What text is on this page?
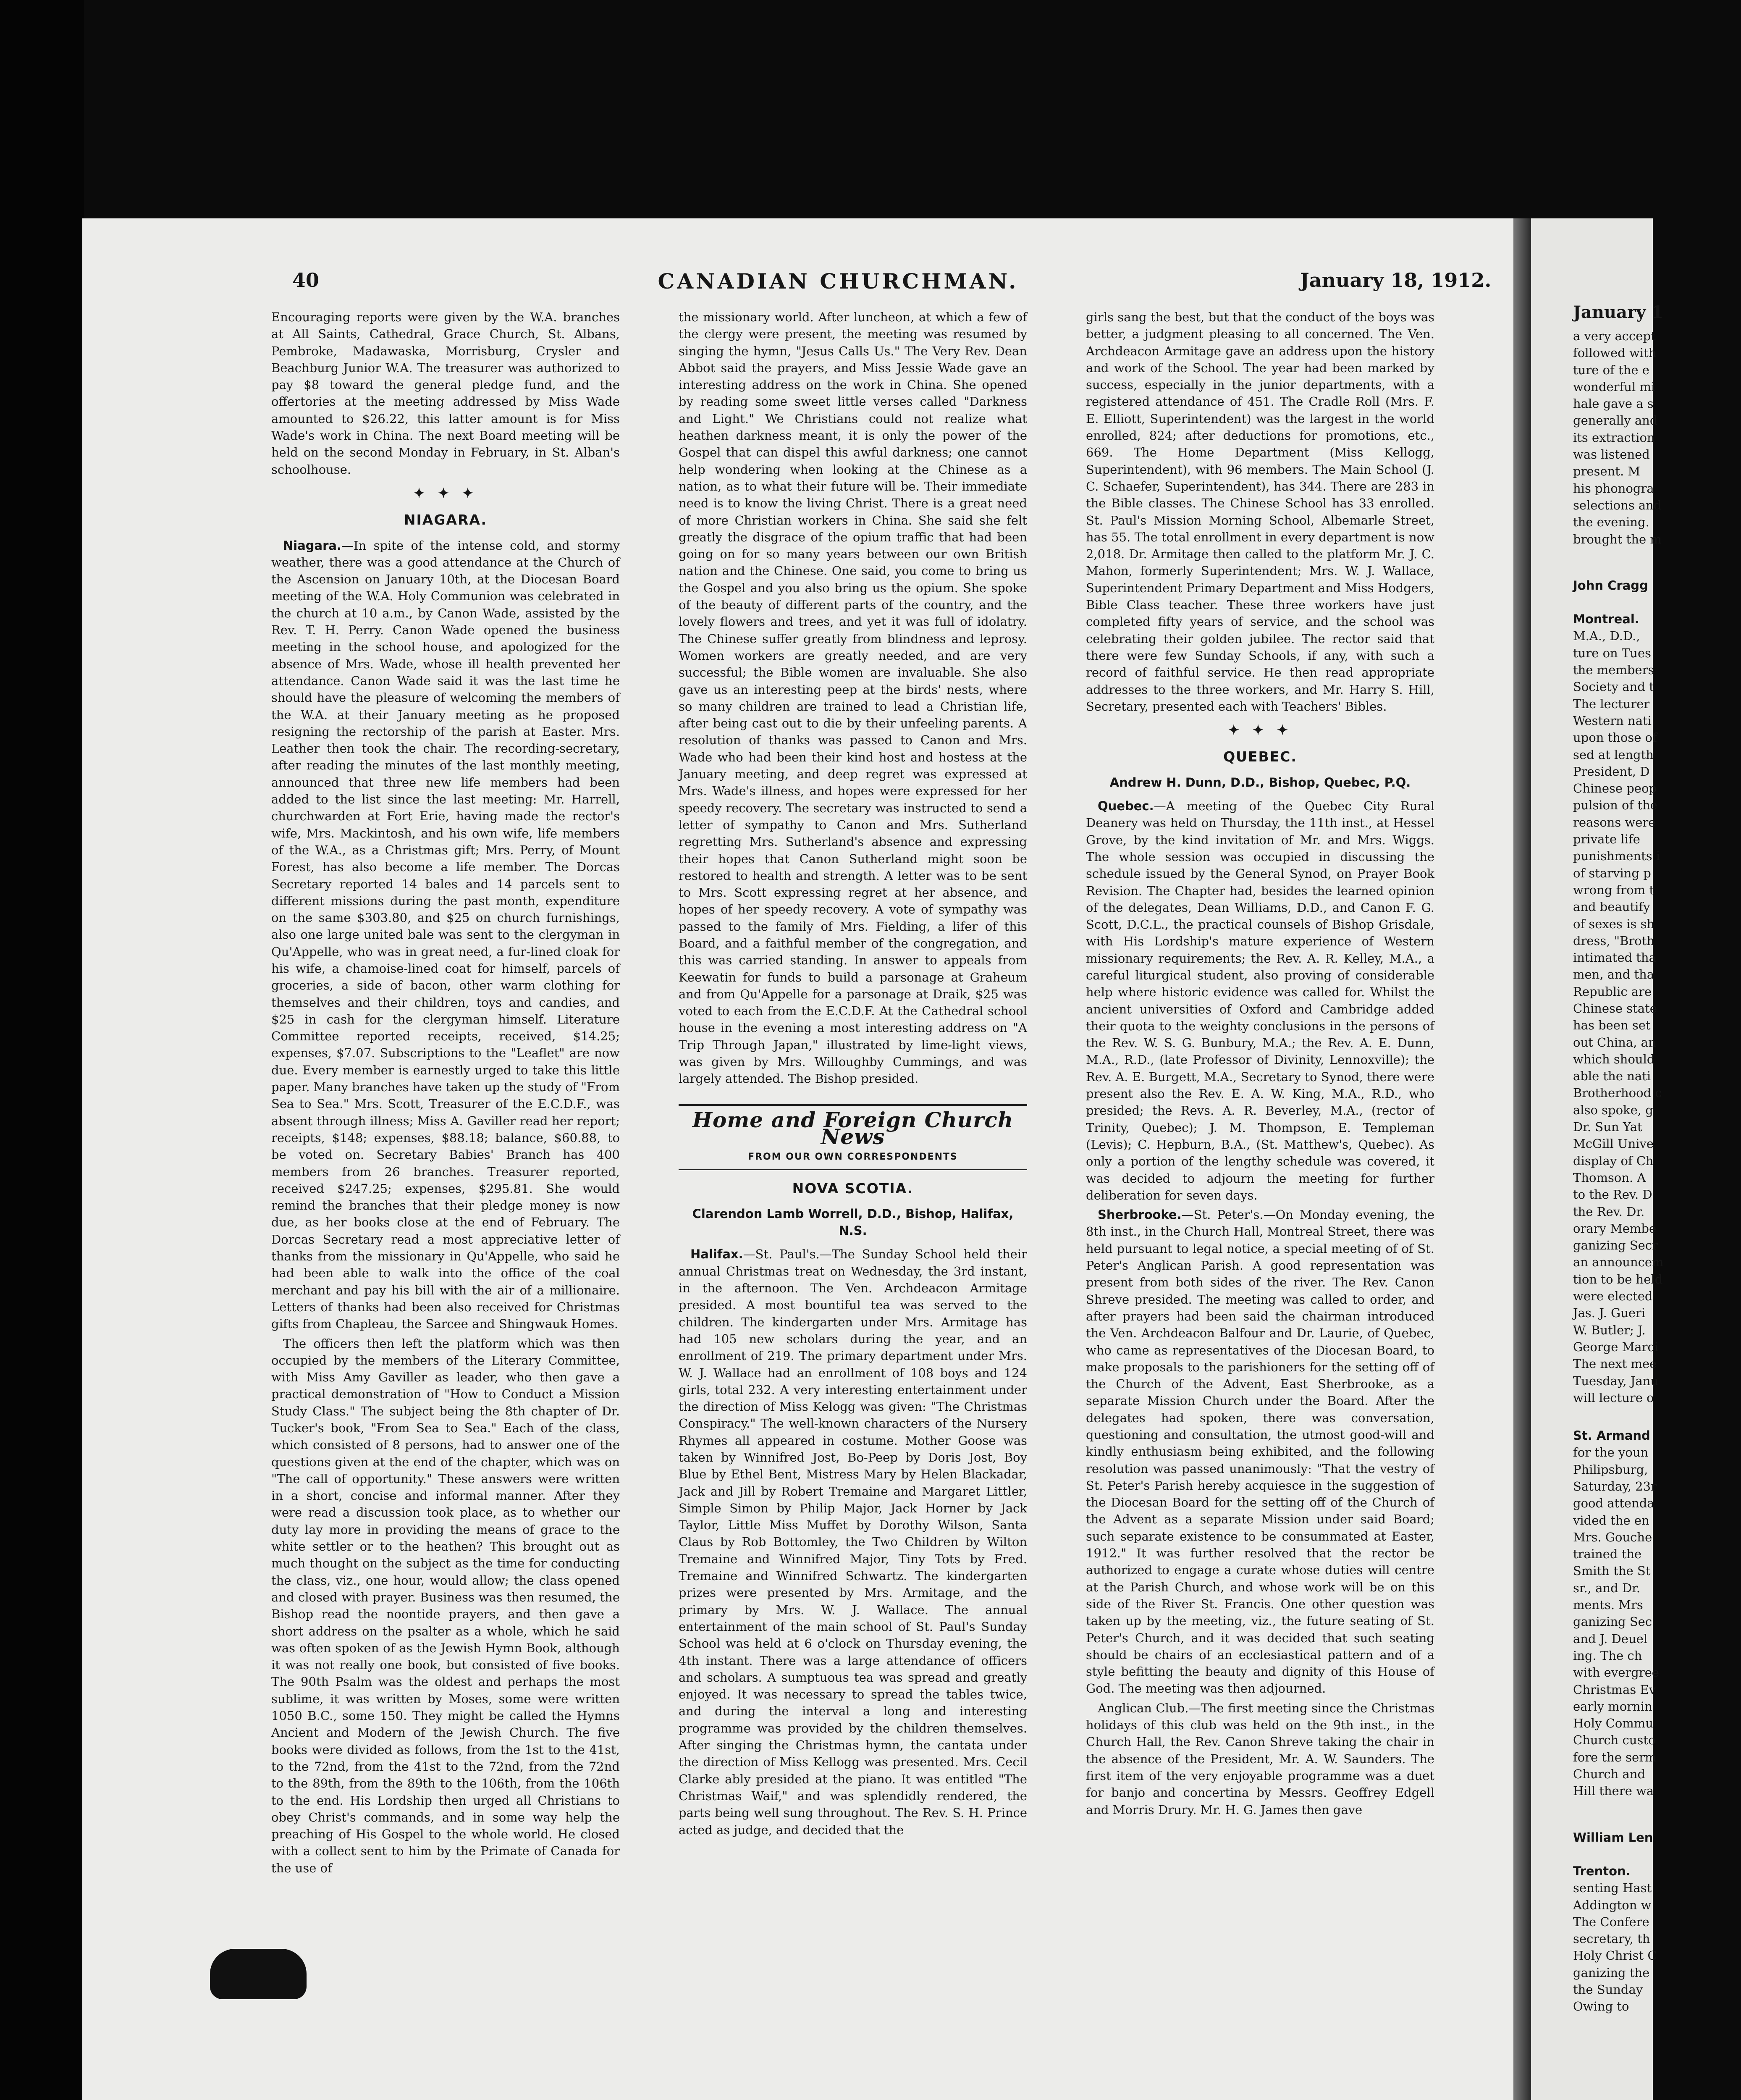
40	CANADIAN CHURCHMAN.	January 18, 1912.

Encouraging reports were given by the W.A. branches at All Saints, Cathedral, Grace Church, St. Albans, Pembroke, Madawaska, Morrisburg, Crysler and Beachburg Junior W.A. The treasurer was authorized to pay $8 toward the general pledge fund, and the offertories at the meeting addressed by Miss Wade amounted to $26.22, this latter amount is for Miss Wade's work in China. The next Board meeting will be held on the second Monday in February, in St. Alban's schoolhouse.

✦ ✦ ✦
NIAGARA.

Niagara.—In spite of the intense cold, and stormy weather, there was a good attendance at the Church of the Ascension on January 10th, at the Diocesan Board meeting of the W.A. Holy Communion was celebrated in the church at 10 a.m., by Canon Wade, assisted by the Rev. T. H. Perry. Canon Wade opened the business meeting in the school house, and apologized for the absence of Mrs. Wade, whose ill health prevented her attendance. Canon Wade said it was the last time he should have the pleasure of welcoming the members of the W.A. at their January meeting as he proposed resigning the rectorship of the parish at Easter. Mrs. Leather then took the chair. The recording-secretary, after reading the minutes of the last monthly meeting, announced that three new life members had been added to the list since the last meeting: Mr. Harrell, churchwarden at Fort Erie, having made the rector's wife, Mrs. Mackintosh, and his own wife, life members of the W.A., as a Christmas gift; Mrs. Perry, of Mount Forest, has also become a life member. The Dorcas Secretary reported 14 bales and 14 parcels sent to different missions during the past month, expenditure on the same $303.80, and $25 on church furnishings, also one large united bale was sent to the clergyman in Qu'Appelle, who was in great need, a fur-lined cloak for his wife, a chamoise-lined coat for himself, parcels of groceries, a side of bacon, other warm clothing for themselves and their children, toys and candies, and $25 in cash for the clergyman himself. Literature Committee reported receipts, received, $14.25; expenses, $7.07. Subscriptions to the "Leaflet" are now due. Every member is earnestly urged to take this little paper. Many branches have taken up the study of "From Sea to Sea." Mrs. Scott, Treasurer of the E.C.D.F., was absent through illness; Miss A. Gaviller read her report; receipts, $148; expenses, $88.18; balance, $60.88, to be voted on. Secretary Babies' Branch has 400 members from 26 branches. Treasurer reported, received $247.25; expenses, $295.81. She would remind the branches that their pledge money is now due, as her books close at the end of February. The Dorcas Secretary read a most appreciative letter of thanks from the missionary in Qu'Appelle, who said he had been able to walk into the office of the coal merchant and pay his bill with the air of a millionaire. Letters of thanks had been also received for Christmas gifts from Chapleau, the Sarcee and Shingwauk Homes.

The officers then left the platform which was then occupied by the members of the Literary Committee, with Miss Amy Gaviller as leader, who then gave a practical demonstration of "How to Conduct a Mission Study Class." The subject being the 8th chapter of Dr. Tucker's book, "From Sea to Sea." Each of the class, which consisted of 8 persons, had to answer one of the questions given at the end of the chapter, which was on "The call of opportunity." These answers were written in a short, concise and informal manner. After they were read a discussion took place, as to whether our duty lay more in providing the means of grace to the white settler or to the heathen? This brought out as much thought on the subject as the time for conducting the class, viz., one hour, would allow; the class opened and closed with prayer. Business was then resumed, the Bishop read the noontide prayers, and then gave a short address on the psalter as a whole, which he said was often spoken of as the Jewish Hymn Book, although it was not really one book, but consisted of five books. The 90th Psalm was the oldest and perhaps the most sublime, it was written by Moses, some were written 1050 B.C., some 150. They might be called the Hymns Ancient and Modern of the Jewish Church. The five books were divided as follows, from the 1st to the 41st, to the 72nd, from the 41st to the 72nd, from the 72nd to the 89th, from the 89th to the 106th, from the 106th to the end. His Lordship then urged all Christians to obey Christ's commands, and in some way help the preaching of His Gospel to the whole world. He closed with a collect sent to him by the Primate of Canada for the use of

the missionary world. After luncheon, at which a few of the clergy were present, the meeting was resumed by singing the hymn, "Jesus Calls Us." The Very Rev. Dean Abbot said the prayers, and Miss Jessie Wade gave an interesting address on the work in China. She opened by reading some sweet little verses called "Darkness and Light." We Christians could not realize what heathen darkness meant, it is only the power of the Gospel that can dispel this awful darkness; one cannot help wondering when looking at the Chinese as a nation, as to what their future will be. Their immediate need is to know the living Christ. There is a great need of more Christian workers in China. She said she felt greatly the disgrace of the opium traffic that had been going on for so many years between our own British nation and the Chinese. One said, you come to bring us the Gospel and you also bring us the opium. She spoke of the beauty of different parts of the country, and the lovely flowers and trees, and yet it was full of idolatry. The Chinese suffer greatly from blindness and leprosy. Women workers are greatly needed, and are very successful; the Bible women are invaluable. She also gave us an interesting peep at the birds' nests, where so many children are trained to lead a Christian life, after being cast out to die by their unfeeling parents. A resolution of thanks was passed to Canon and Mrs. Wade who had been their kind host and hostess at the January meeting, and deep regret was expressed at Mrs. Wade's illness, and hopes were expressed for her speedy recovery. The secretary was instructed to send a letter of sympathy to Canon and Mrs. Sutherland regretting Mrs. Sutherland's absence and expressing their hopes that Canon Sutherland might soon be restored to health and strength. A letter was to be sent to Mrs. Scott expressing regret at her absence, and hopes of her speedy recovery. A vote of sympathy was passed to the family of Mrs. Fielding, a lifer of this Board, and a faithful member of the congregation, and this was carried standing. In answer to appeals from Keewatin for funds to build a parsonage at Graheum and from Qu'Appelle for a parsonage at Draik, $25 was voted to each from the E.C.D.F. At the Cathedral school house in the evening a most interesting address on "A Trip Through Japan," illustrated by lime-light views, was given by Mrs. Willoughby Cummings, and was largely attended. The Bishop presided.

Home and Foreign Church News
FROM OUR OWN CORRESPONDENTS
NOVA SCOTIA.
Clarendon Lamb Worrell, D.D., Bishop, Halifax, N.S.

Halifax.—St. Paul's.—The Sunday School held their annual Christmas treat on Wednesday, the 3rd instant, in the afternoon. The Ven. Archdeacon Armitage presided. A most bountiful tea was served to the children. The kindergarten under Mrs. Armitage has had 105 new scholars during the year, and an enrollment of 219. The primary department under Mrs. W. J. Wallace had an enrollment of 108 boys and 124 girls, total 232. A very interesting entertainment under the direction of Miss Kelogg was given: "The Christmas Conspiracy." The well-known characters of the Nursery Rhymes all appeared in costume. Mother Goose was taken by Winnifred Jost, Bo-Peep by Doris Jost, Boy Blue by Ethel Bent, Mistress Mary by Helen Blackadar, Jack and Jill by Robert Tremaine and Margaret Littler, Simple Simon by Philip Major, Jack Horner by Jack Taylor, Little Miss Muffet by Dorothy Wilson, Santa Claus by Rob Bottomley, the Two Children by Wilton Tremaine and Winnifred Major, Tiny Tots by Fred. Tremaine and Winnifred Schwartz. The kindergarten prizes were presented by Mrs. Armitage, and the primary by Mrs. W. J. Wallace. The annual entertainment of the main school of St. Paul's Sunday School was held at 6 o'clock on Thursday evening, the 4th instant. There was a large attendance of officers and scholars. A sumptuous tea was spread and greatly enjoyed. It was necessary to spread the tables twice, and during the interval a long and interesting programme was provided by the children themselves. After singing the Christmas hymn, the cantata under the direction of Miss Kellogg was presented. Mrs. Cecil Clarke ably presided at the piano. It was entitled "The Christmas Waif," and was splendidly rendered, the parts being well sung throughout. The Rev. S. H. Prince acted as judge, and decided that the

girls sang the best, but that the conduct of the boys was better, a judgment pleasing to all concerned. The Ven. Archdeacon Armitage gave an address upon the history and work of the School. The year had been marked by success, especially in the junior departments, with a registered attendance of 451. The Cradle Roll (Mrs. F. E. Elliott, Superintendent) was the largest in the world enrolled, 824; after deductions for promotions, etc., 669. The Home Department (Miss Kellogg, Superintendent), with 96 members. The Main School (J. C. Schaefer, Superintendent), has 344. There are 283 in the Bible classes. The Chinese School has 33 enrolled. St. Paul's Mission Morning School, Albemarle Street, has 55. The total enrollment in every department is now 2,018. Dr. Armitage then called to the platform Mr. J. C. Mahon, formerly Superintendent; Mrs. W. J. Wallace, Superintendent Primary Department and Miss Hodgers, Bible Class teacher. These three workers have just completed fifty years of service, and the school was celebrating their golden jubilee. The rector said that there were few Sunday Schools, if any, with such a record of faithful service. He then read appropriate addresses to the three workers, and Mr. Harry S. Hill, Secretary, presented each with Teachers' Bibles.

✦ ✦ ✦
QUEBEC.
Andrew H. Dunn, D.D., Bishop, Quebec, P.Q.

Quebec.—A meeting of the Quebec City Rural Deanery was held on Thursday, the 11th inst., at Hessel Grove, by the kind invitation of Mr. and Mrs. Wiggs. The whole session was occupied in discussing the schedule issued by the General Synod, on Prayer Book Revision. The Chapter had, besides the learned opinion of the delegates, Dean Williams, D.D., and Canon F. G. Scott, D.C.L., the practical counsels of Bishop Grisdale, with His Lordship's mature experience of Western missionary requirements; the Rev. A. R. Kelley, M.A., a careful liturgical student, also proving of considerable help where historic evidence was called for. Whilst the ancient universities of Oxford and Cambridge added their quota to the weighty conclusions in the persons of the Rev. W. S. G. Bunbury, M.A.; the Rev. A. E. Dunn, M.A., R.D., (late Professor of Divinity, Lennoxville); the Rev. A. E. Burgett, M.A., Secretary to Synod, there were present also the Rev. E. A. W. King, M.A., R.D., who presided; the Revs. A. R. Beverley, M.A., (rector of Trinity, Quebec); J. M. Thompson, E. Templeman (Levis); C. Hepburn, B.A., (St. Matthew's, Quebec). As only a portion of the lengthy schedule was covered, it was decided to adjourn the meeting for further deliberation for seven days.

Sherbrooke.—St. Peter's.—On Monday evening, the 8th inst., in the Church Hall, Montreal Street, there was held pursuant to legal notice, a special meeting of of St. Peter's Anglican Parish. A good representation was present from both sides of the river. The Rev. Canon Shreve presided. The meeting was called to order, and after prayers had been said the chairman introduced the Ven. Archdeacon Balfour and Dr. Laurie, of Quebec, who came as representatives of the Diocesan Board, to make proposals to the parishioners for the setting off of the Church of the Advent, East Sherbrooke, as a separate Mission Church under the Board. After the delegates had spoken, there was conversation, questioning and consultation, the utmost good-will and kindly enthusiasm being exhibited, and the following resolution was passed unanimously: "That the vestry of St. Peter's Parish hereby acquiesce in the suggestion of the Diocesan Board for the setting off of the Church of the Advent as a separate Mission under said Board; such separate existence to be consummated at Easter, 1912." It was further resolved that the rector be authorized to engage a curate whose duties will centre at the Parish Church, and whose work will be on this side of the River St. Francis. One other question was taken up by the meeting, viz., the future seating of St. Peter's Church, and it was decided that such seating should be chairs of an ecclesiastical pattern and of a style befitting the beauty and dignity of this House of God. The meeting was then adjourned.

Anglican Club.—The first meeting since the Christmas holidays of this club was held on the 9th inst., in the Church Hall, the Rev. Canon Shreve taking the chair in the absence of the President, Mr. A. W. Saunders. The first item of the very enjoyable programme was a duet for banjo and concertina by Messrs. Geoffrey Edgell and Morris Drury. Mr. H. G. James then gave

January 1
a very accept
followed with
ture of the e
wonderful mi
hale gave a s
generally and
its extraction
was listened
present. M
his phonogra
selections and
the evening.
brought the m

John Cragg

Montreal.

M.A., D.D.,
ture on Tues
the members
Society and t
The lecturer
Western nati
upon those of
sed at length
President, D
Chinese peop
pulsion of the
reasons were
private life
punishments i
of starving p
wrong from t
and beautify
of sexes is sh
dress, "Broth
intimated tha
men, and tha
Republic are
Chinese state
has been set
out China, an
which should
able the nati
Brotherhood c
also spoke, g
Dr. Sun Yat
McGill Unive
display of Ch
Thomson. A
to the Rev. D
the Rev. Dr.
orary Membe
ganizing Secr
an announcem
tion to be held
were elected
Jas. J. Gueri
W. Butler; J.
George Marci
The next mee
Tuesday, Janu
will lecture o

St. Armand

for the youn
Philipsburg,
Saturday, 23r
good attenda
vided the en
Mrs. Gouche
trained the
Smith the St
sr., and Dr.
ments. Mrs
ganizing Sec
and J. Deuel
ing. The ch
with evergree
Christmas Ev
early mornin
Holy Commu
Church custo
fore the serm
Church and
Hill there wa

William Len

Trenton.

senting Hast
Addington w
The Confere
secretary, th
Holy Christ C
ganizing the
the Sunday
Owing to
